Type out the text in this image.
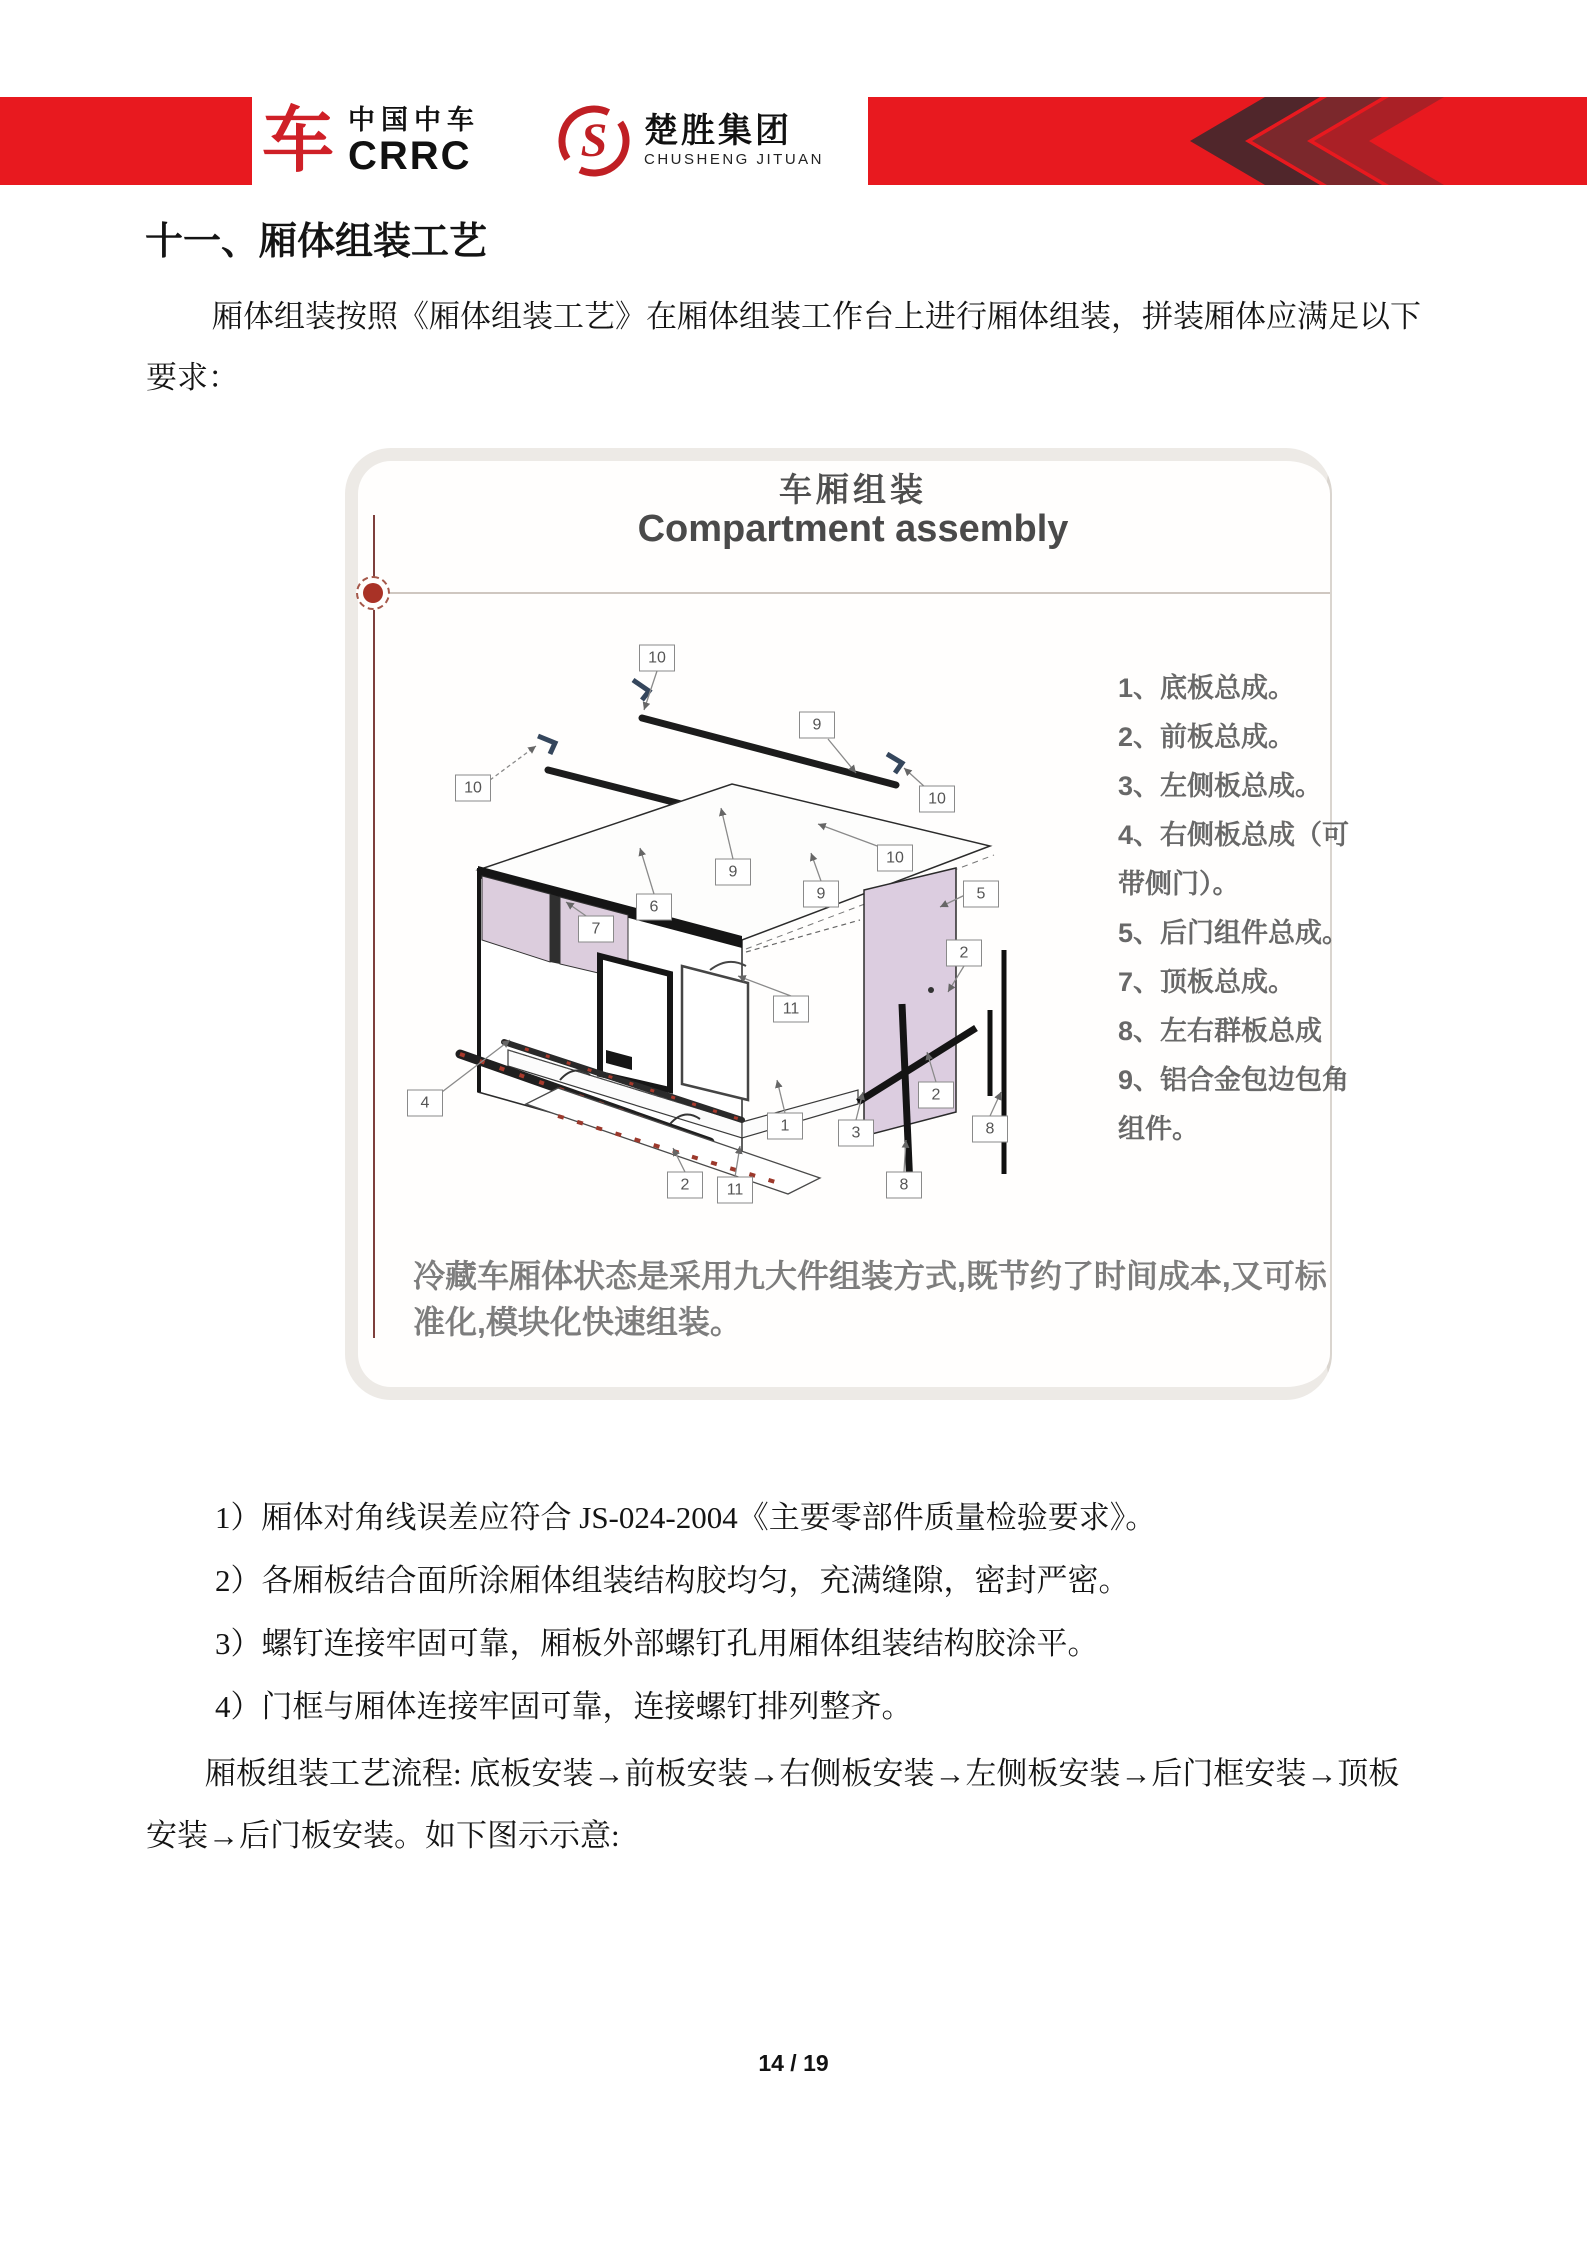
车 中国中车
CRRC	S	楚胜集团
CHUSHENG JITUAN
十一、厢体组装工艺
厢体组装按照《厢体组装工艺》在厢体组装工作台上进行厢体组装，拼装厢体应满足以下
要求：
车厢组装
Compartment assembly
10
9
10
10
10
9
9
6
7
5
2
4
11
1	3
2
8
2	11	8
1、底板总成。
2、前板总成。
3、左侧板总成。
4、右侧板总成（可
带侧门）。
5、后门组件总成。
7、顶板总成。
8、左右群板总成
9、铝合金包边包角
组件。
冷藏车厢体状态是采用九大件组装方式,既节约了时间成本,又可标
准化,模块化快速组装。

1）厢体对角线误差应符合 JS-024-2004《主要零部件质量检验要求》。

2）各厢板结合面所涂厢体组装结构胶均匀，充满缝隙，密封严密。

3）螺钉连接牢固可靠，厢板外部螺钉孔用厢体组装结构胶涂平。

4）门框与厢体连接牢固可靠，连接螺钉排列整齐。

厢板组装工艺流程: 底板安装→前板安装→右侧板安装→左侧板安装→后门框安装→顶板
安装→后门板安装。如下图示示意:
14 / 19
